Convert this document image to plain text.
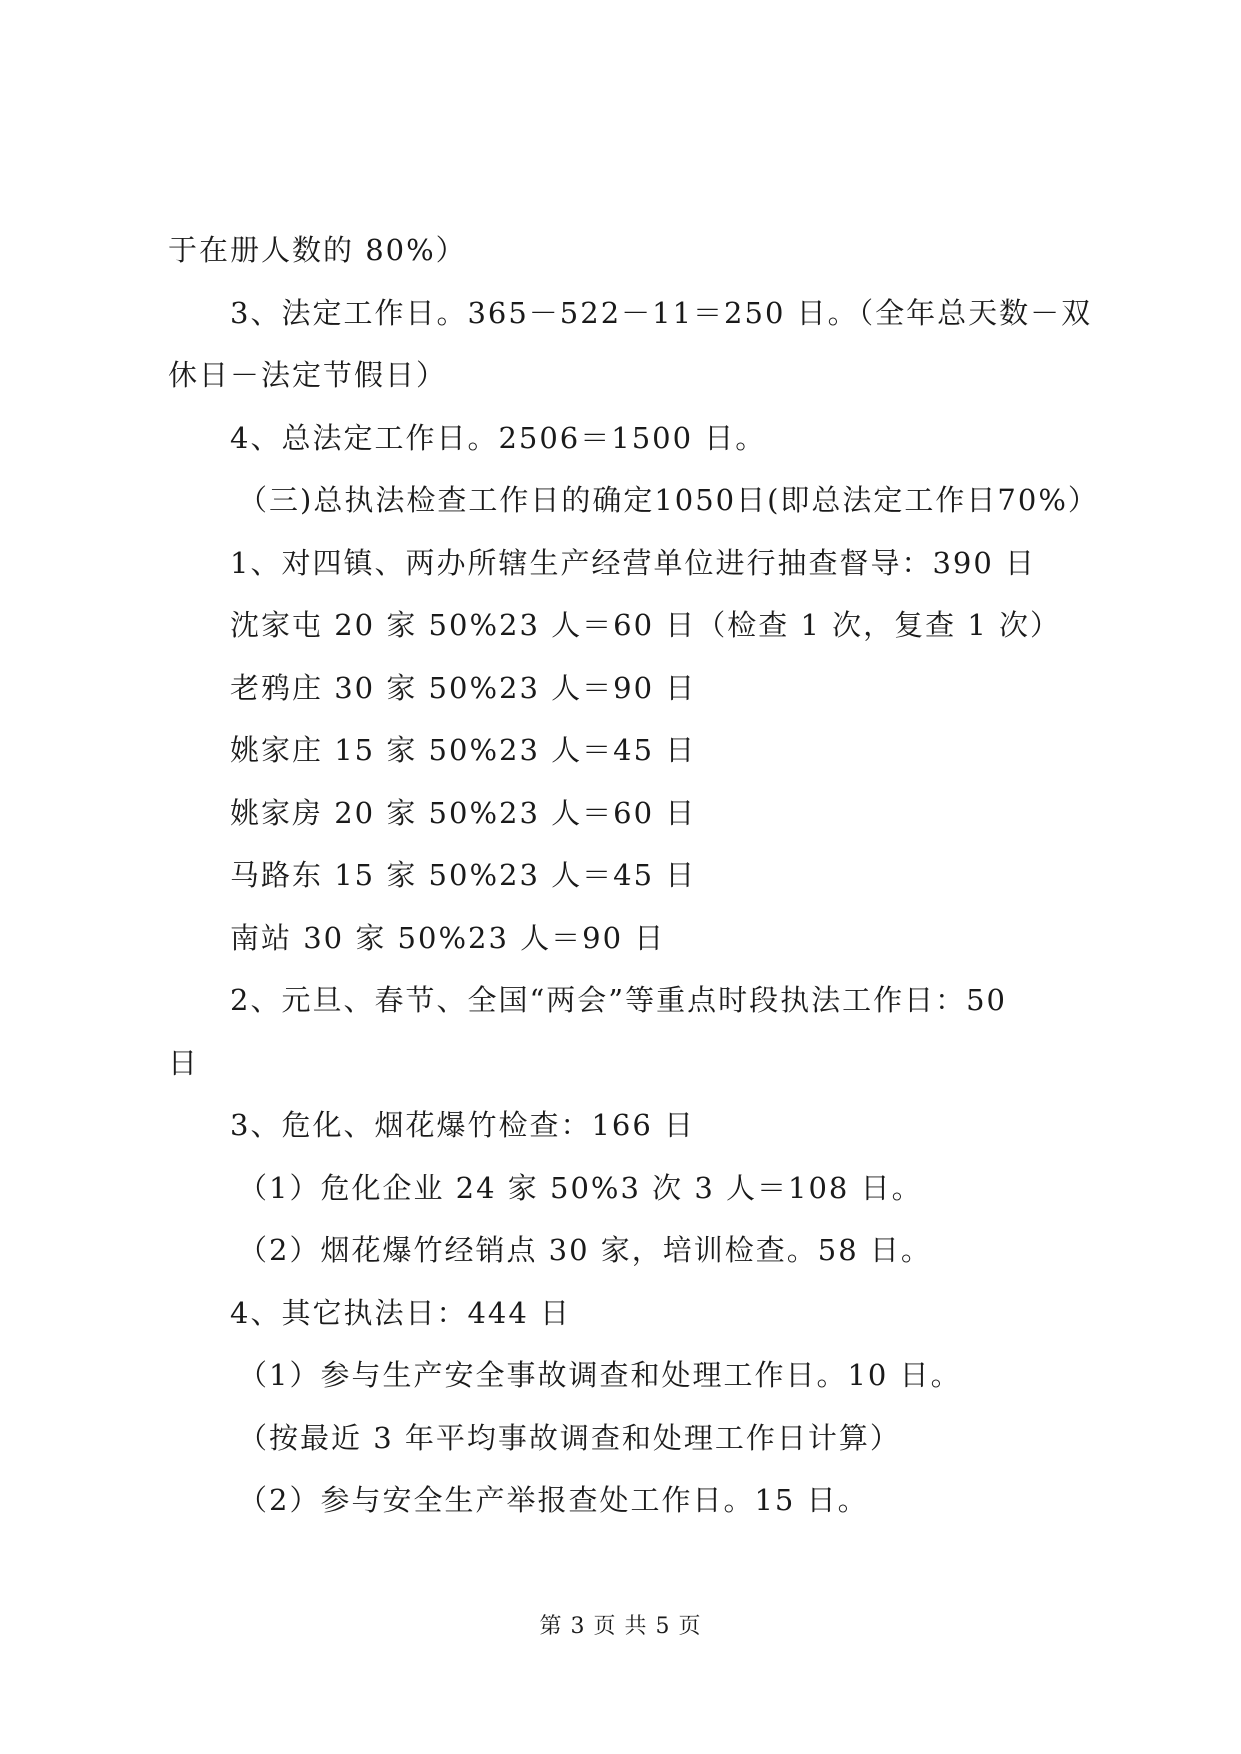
于在册人数的 80%）
3、法定工作日。365－522－11＝250 日。（全年总天数－双
休日－法定节假日）
4、总法定工作日。2506＝1500 日。
（三)总执法检查工作日的确定1050日(即总法定工作日70%）
1、对四镇、两办所辖生产经营单位进行抽查督导：390 日
沈家屯 20 家 50%23 人＝60 日（检查 1 次，复查 1 次）
老鸦庄 30 家 50%23 人＝90 日
姚家庄 15 家 50%23 人＝45 日
姚家房 20 家 50%23 人＝60 日
马路东 15 家 50%23 人＝45 日
南站 30 家 50%23 人＝90 日
2、元旦、春节、全国“两会”等重点时段执法工作日：50
日
3、危化、烟花爆竹检查：166 日
（1）危化企业 24 家 50%3 次 3 人＝108 日。
（2）烟花爆竹经销点 30 家，培训检查。58 日。
4、其它执法日：444 日
（1）参与生产安全事故调查和处理工作日。10 日。
（按最近 3 年平均事故调查和处理工作日计算）
（2）参与安全生产举报查处工作日。15 日。
第 3 页 共 5 页
